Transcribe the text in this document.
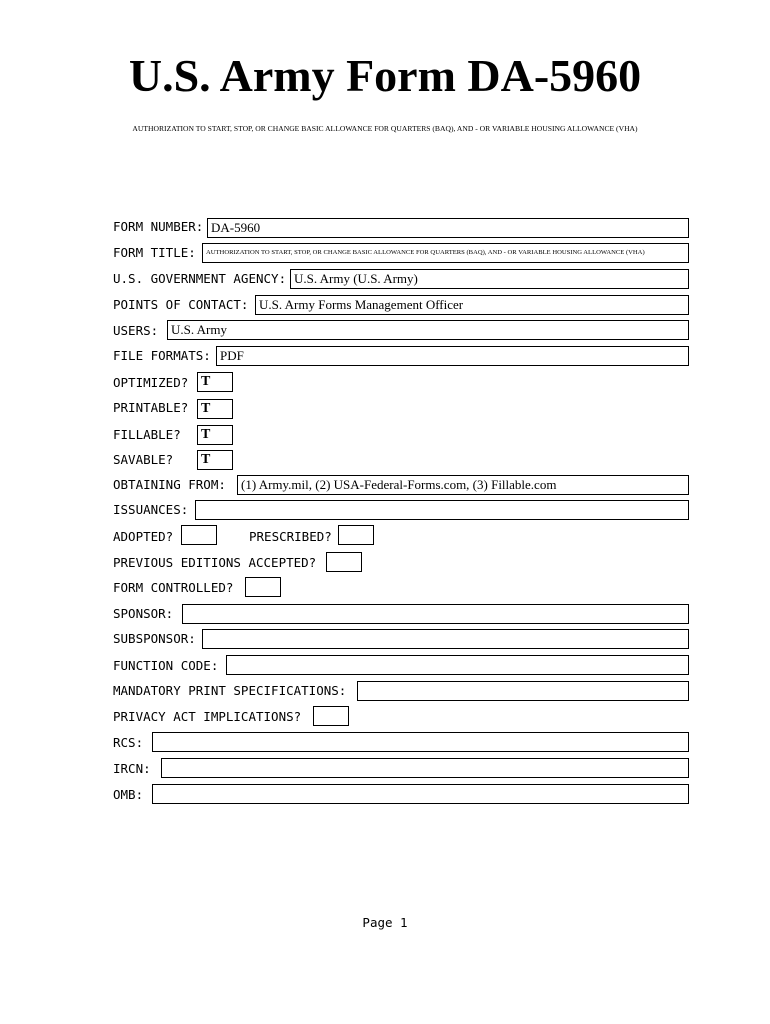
U.S. Army Form DA-5960

AUTHORIZATION TO START, STOP, OR CHANGE BASIC ALLOWANCE FOR QUARTERS (BAQ), AND - OR VARIABLE HOUSING ALLOWANCE (VHA)

FORM NUMBER: DA-5960
FORM TITLE:	AUTHORIZATION TO START, STOP, OR CHANGE BASIC ALLOWANCE FOR QUARTERS (BAQ), AND - OR VARIABLE HOUSING ALLOWANCE (VHA)
U.S. GOVERNMENT AGENCY: U.S. Army (U.S. Army)
POINTS OF CONTACT: U.S. Army Forms Management Officer
USERS: U.S. Army
FILE FORMATS: PDF
OPTIMIZED? T
PRINTABLE? T
FILLABLE? T
SAVABLE? T
OBTAINING FROM:	(1) Army.mil, (2) USA-Federal-Forms.com, (3) Fillable.com
ISSUANCES:
ADOPTED?	PRESCRIBED?
PREVIOUS EDITIONS ACCEPTED?
FORM CONTROLLED?
SPONSOR:
SUBSPONSOR:
FUNCTION CODE:
MANDATORY PRINT SPECIFICATIONS:
PRIVACY ACT IMPLICATIONS?
RCS:
IRCN:
OMB:
Page 1
